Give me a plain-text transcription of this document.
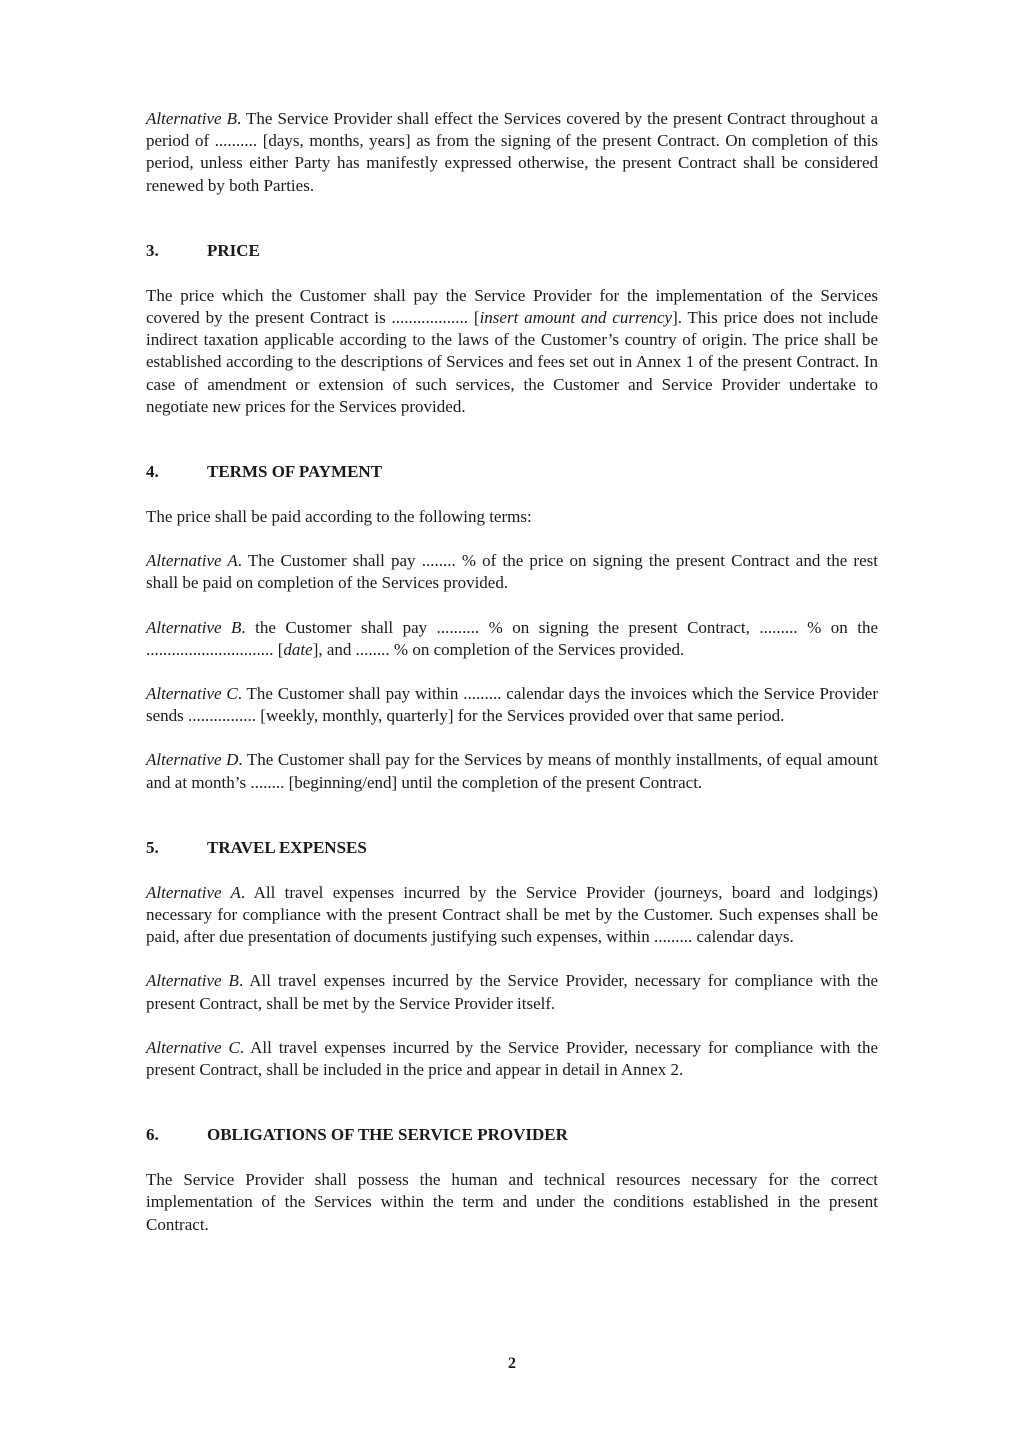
Alternative B. The Service Provider shall effect the Services covered by the present Contract throughout a period of .......... [days, months, years] as from the signing of the present Contract. On completion of this period, unless either Party has manifestly expressed otherwise, the present Contract shall be considered renewed by both Parties.

3.	PRICE

The price which the Customer shall pay the Service Provider for the implementation of the Services covered by the present Contract is .................. [insert amount and currency]. This price does not include indirect taxation applicable according to the laws of the Customer’s country of origin. The price shall be established according to the descriptions of Services and fees set out in Annex 1 of the present Contract. In case of amendment or extension of such services, the Customer and Service Provider undertake to negotiate new prices for the Services provided.

4.	TERMS OF PAYMENT

The price shall be paid according to the following terms:

Alternative A. The Customer shall pay ........ % of the price on signing the present Contract and the rest shall be paid on completion of the Services provided.

Alternative B. the Customer shall pay .......... % on signing the present Contract, ......... % on the .............................. [date], and ........ % on completion of the Services provided.

Alternative C. The Customer shall pay within ......... calendar days the invoices which the Service Provider sends ................ [weekly, monthly, quarterly] for the Services provided over that same period.

Alternative D. The Customer shall pay for the Services by means of monthly installments, of equal amount and at month’s ........ [beginning/end] until the completion of the present Contract.

5.	TRAVEL EXPENSES

Alternative A. All travel expenses incurred by the Service Provider (journeys, board and lodgings) necessary for compliance with the present Contract shall be met by the Customer. Such expenses shall be paid, after due presentation of documents justifying such expenses, within ......... calendar days.

Alternative B. All travel expenses incurred by the Service Provider, necessary for compliance with the present Contract, shall be met by the Service Provider itself.

Alternative C. All travel expenses incurred by the Service Provider, necessary for compliance with the present Contract, shall be included in the price and appear in detail in Annex 2.

6.	OBLIGATIONS OF THE SERVICE PROVIDER

The Service Provider shall possess the human and technical resources necessary for the correct implementation of the Services within the term and under the conditions established in the present Contract.

2
